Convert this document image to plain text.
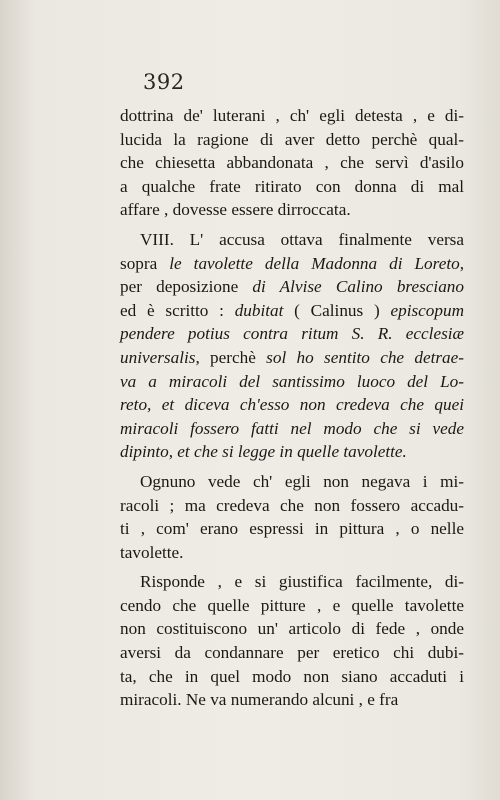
392
dottrina de' luterani , ch' egli detesta , e di-
lucida la ragione di aver detto perchè qual-
che chiesetta abbandonata , che servì d'asilo
a qualche frate ritirato con donna di mal
affare , dovesse essere dirroccata.
VIII. L' accusa ottava finalmente versa
sopra le tavolette della Madonna di Loreto,
per deposizione di Alvise Calino bresciano
ed è scritto : dubitat ( Calinus ) episcopum
pendere potius contra ritum S. R. ecclesiæ
universalis, perchè sol ho sentito che detrae-
va a miracoli del santissimo luoco del Lo-
reto, et diceva ch'esso non credeva che quei
miracoli fossero fatti nel modo che si vede
dipinto, et che si legge in quelle tavolette.
Ognuno vede ch' egli non negava i mi-
racoli ; ma credeva che non fossero accadu-
ti , com' erano espressi in pittura , o nelle
tavolette.
Risponde , e si giustifica facilmente, di-
cendo che quelle pitture , e quelle tavolette
non costituiscono un' articolo di fede , onde
aversi da condannare per eretico chi dubi-
ta, che in quel modo non siano accaduti i
miracoli. Ne va numerando alcuni , e fra
